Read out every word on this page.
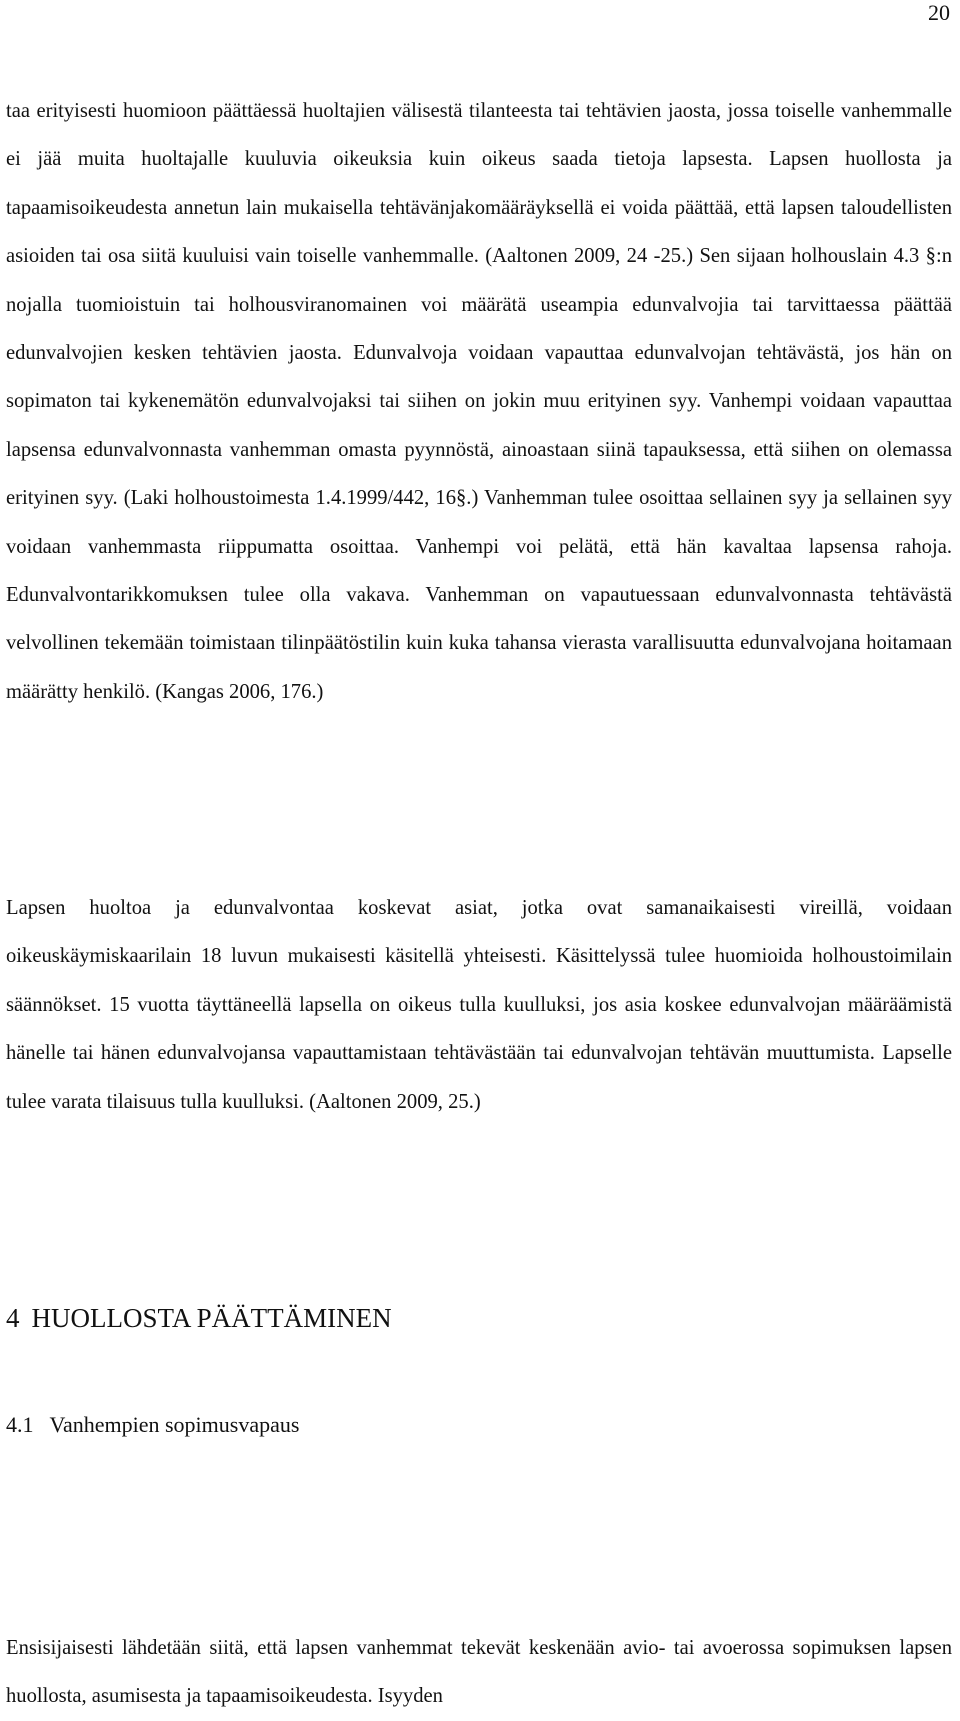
20

taa erityisesti huomioon päättäessä huoltajien välisestä tilanteesta tai tehtävien jaosta, jossa toiselle vanhemmalle ei jää muita huoltajalle kuuluvia oikeuksia kuin oikeus saada tietoja lapsesta. Lapsen huollosta ja tapaamisoikeudesta annetun lain mukaisella tehtävänjakomääräyksellä ei voida päättää, että lapsen taloudellisten asioiden tai osa siitä kuuluisi vain toiselle vanhemmalle. (Aaltonen 2009, 24 -25.) Sen sijaan holhouslain 4.3 §:n nojalla tuomioistuin tai holhousviranomainen voi määrätä useampia edunvalvojia tai tarvittaessa päättää edunvalvojien kesken tehtävien jaosta. Edunvalvoja voidaan vapauttaa edunvalvojan tehtävästä, jos hän on sopimaton tai kykenemätön edunvalvojaksi tai siihen on jokin muu erityinen syy. Vanhempi voidaan vapauttaa lapsensa edunvalvonnasta vanhemman omasta pyynnöstä, ainoastaan siinä tapauksessa, että siihen on olemassa erityinen syy. (Laki holhoustoimesta 1.4.1999/442, 16§.) Vanhemman tulee osoittaa sellainen syy ja sellainen syy voidaan vanhemmasta riippumatta osoittaa. Vanhempi voi pelätä, että hän kavaltaa lapsensa rahoja. Edunvalvontarikkomuksen tulee olla vakava. Vanhemman on vapautuessaan edunvalvonnasta tehtävästä velvollinen tekemään toimistaan tilinpäätöstilin kuin kuka tahansa vierasta varallisuutta edunvalvojana hoitamaan määrätty henkilö. (Kangas 2006, 176.)

Lapsen huoltoa ja edunvalvontaa koskevat asiat, jotka ovat samanaikaisesti vireillä, voidaan oikeuskäymiskaarilain 18 luvun mukaisesti käsitellä yhteisesti. Käsittelyssä tulee huomioida holhoustoimilain säännökset. 15 vuotta täyttäneellä lapsella on oikeus tulla kuulluksi, jos asia koskee edunvalvojan määräämistä hänelle tai hänen edunvalvojansa vapauttamistaan tehtävästään tai edunvalvojan tehtävän muuttumista. Lapselle tulee varata tilaisuus tulla kuulluksi. (Aaltonen 2009, 25.)

4 HUOLLOSTA PÄÄTTÄMINEN
4.1 Vanhempien sopimusvapaus

Ensisijaisesti lähdetään siitä, että lapsen vanhemmat tekevät keskenään avio- tai avoerossa sopimuksen lapsen huollosta, asumisesta ja tapaamisoikeudesta. Isyyden
